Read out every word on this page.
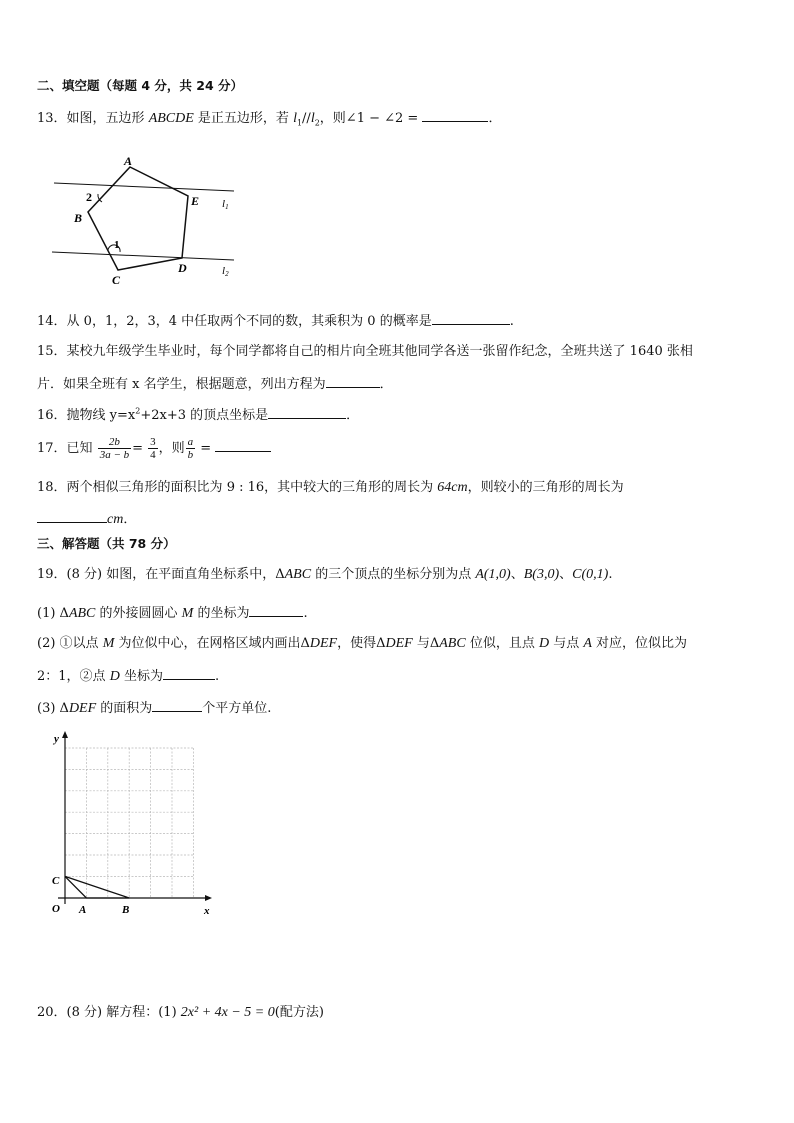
二、填空题（每题 4 分，共 24 分）
13．如图，五边形 ABCDE 是正五边形，若 $l_1//l_2$，则∠1 − ∠2 =	．
A
B
C
D
E
2
1
l1
l2
14．从 0，1，2，3，4 中任取两个不同的数，其乘积为 0 的概率是	.
15．某校九年级学生毕业时，每个同学都将自己的相片向全班其他同学各送一张留作纪念，全班共送了 1640 张相
片．如果全班有 x 名学生，根据题意，列出方程为	．
16．抛物线 $y=x^2+2x+3$ 的顶点坐标是	．
17．已知 $\frac{2b}{3a - b} = \frac{3}{4}$ ，则 $\frac{a}{b}$ =
18．两个相似三角形的面积比为 9 : 16，其中较大的三角形的周长为 64cm，则较小的三角形的周长为
cm．
三、解答题（共 78 分）
19．(8 分) 如图，在平面直角坐标系中，ΔABC 的三个顶点的坐标分别为点 A(1,0)、B(3,0)、C(0,1).
(1) ΔABC 的外接圆圆心 M 的坐标为	.
(2) ①以点 M 为位似中心，在网格区域内画出ΔDEF，使得ΔDEF 与ΔABC 位似，且点 D 与点 A 对应，位似比为
2：1，②点 D 坐标为	.
(3) ΔDEF 的面积为	个平方单位.
y
x
O A	B
C
20．(8 分) 解方程：(1) 2x² + 4x − 5 = 0(配方法)
